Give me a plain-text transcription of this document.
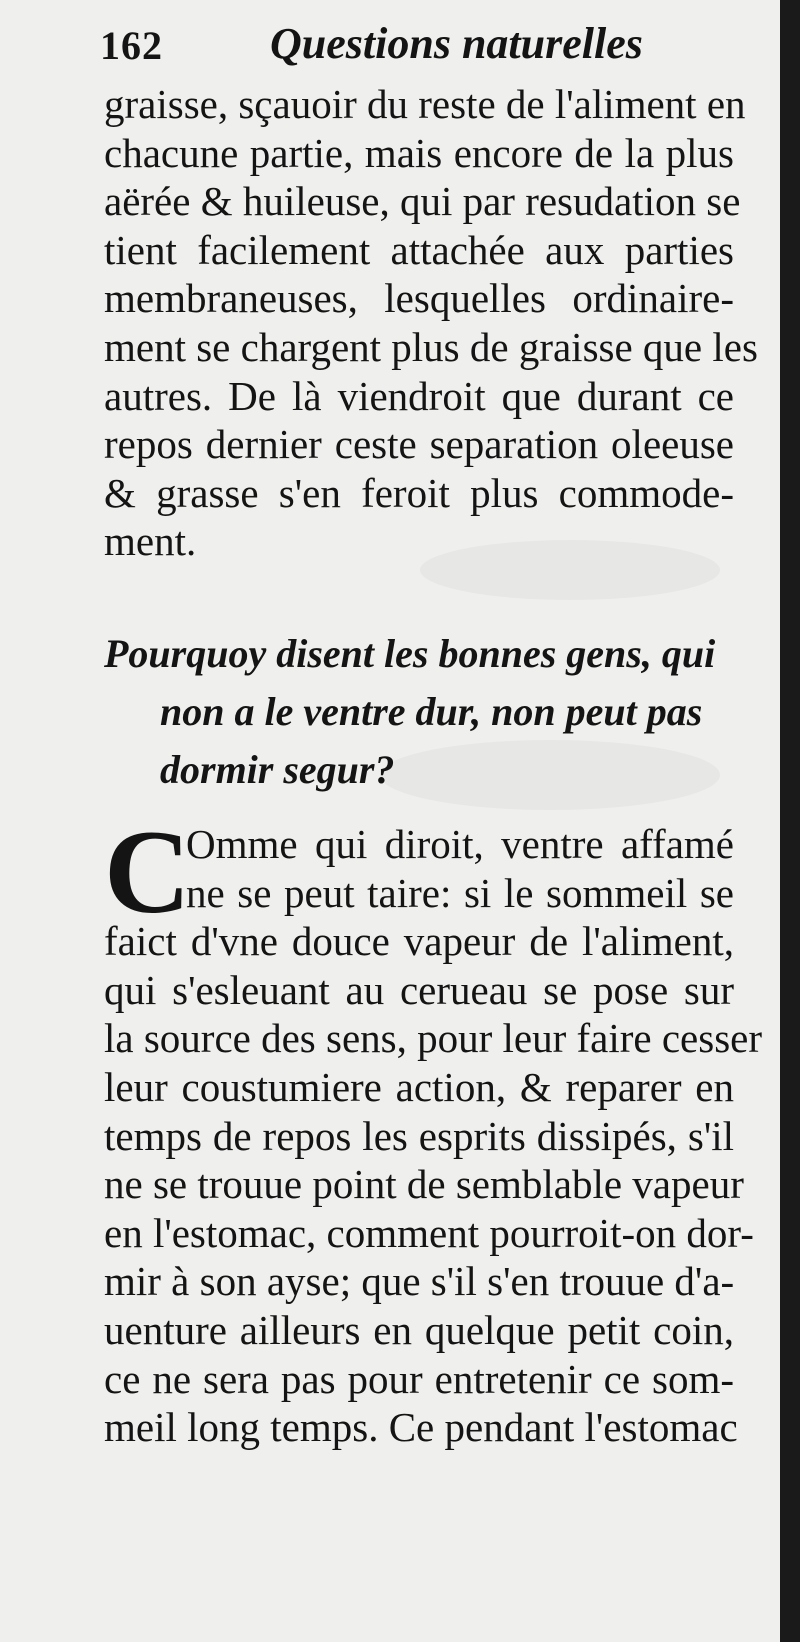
162 Questions naturelles
graisse, sçauoir du reste de l'aliment en
chacune partie, mais encore de la plus
aërée & huileuse, qui par resudation se
tient facilement attachée aux parties
membraneuses, lesquelles ordinaire-
ment se chargent plus de graisse que les
autres. De là viendroit que durant ce
repos dernier ceste separation oleeuse
& grasse s'en feroit plus commode-
ment.
Pourquoy disent les bonnes gens, qui
non a le ventre dur, non peut pas
dormir segur?
C
Omme qui diroit, ventre affamé
ne se peut taire: si le sommeil se
faict d'vne douce vapeur de l'aliment,
qui s'esleuant au cerueau se pose sur
la source des sens, pour leur faire cesser
leur coustumiere action, & reparer en
temps de repos les esprits dissipés, s'il
ne se trouue point de semblable vapeur
en l'estomac, comment pourroit-on dor-
mir à son ayse; que s'il s'en trouue d'a-
uenture ailleurs en quelque petit coin,
ce ne sera pas pour entretenir ce som-
meil long temps. Ce pendant l'estomac
